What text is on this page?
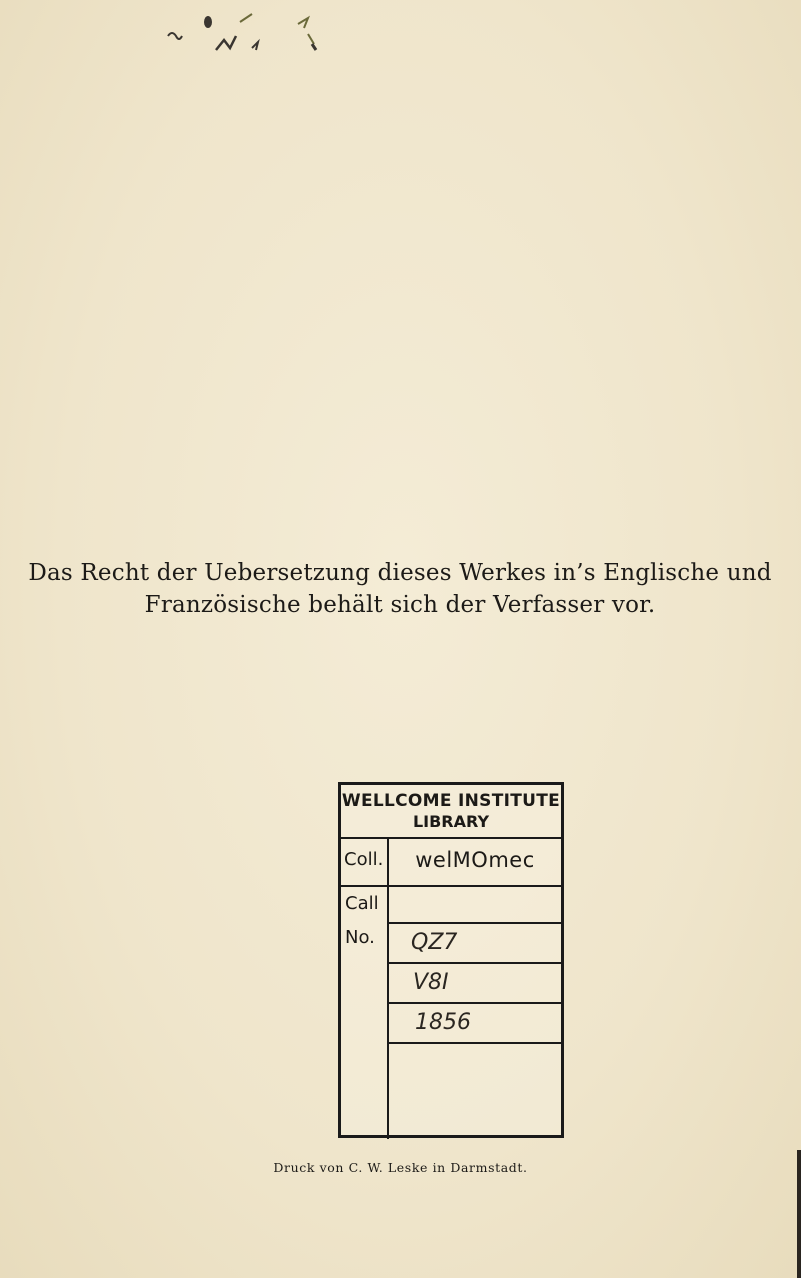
Das Recht der Uebersetzung dieses Werkes in’s Englische und
Französische behält sich der Verfasser vor.
WELLCOME INSTITUTE
LIBRARY
Coll.	welMOmec
Call
No.	QZ7
V8I
1856
Druck von C. W. Leske in Darmstadt.
